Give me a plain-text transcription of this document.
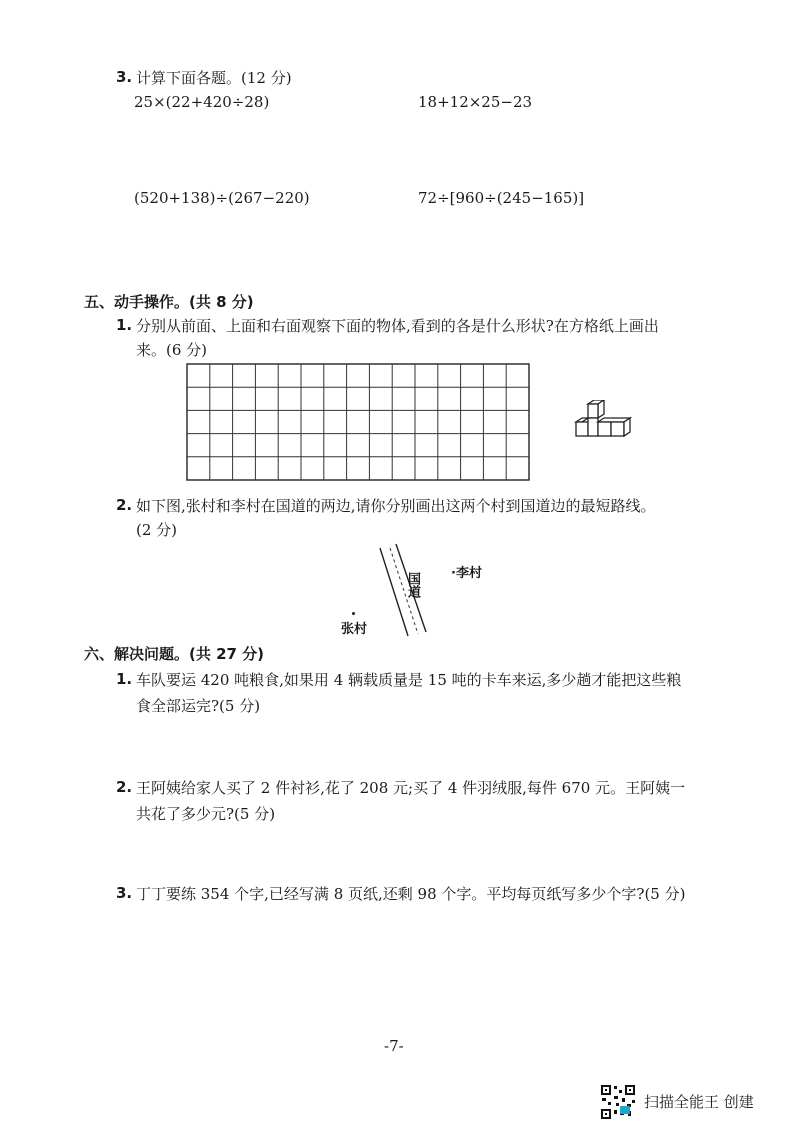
3. 计算下面各题。(12 分)
25×(22+420÷28)	18+12×25−23
(520+138)÷(267−220)	72÷[960÷(245−165)]
五、动手操作。(共 8 分)
1. 分别从前面、上面和右面观察下面的物体,看到的各是什么形状?在方格纸上画出
来。(6 分)
2. 如下图,张村和李村在国道的两边,请你分别画出这两个村到国道边的最短路线。
(2 分)
国道 ·李村
张村
六、解决问题。(共 27 分)
1. 车队要运 420 吨粮食,如果用 4 辆载质量是 15 吨的卡车来运,多少趟才能把这些粮
食全部运完?(5 分)
2. 王阿姨给家人买了 2 件衬衫,花了 208 元;买了 4 件羽绒服,每件 670 元。王阿姨一
共花了多少元?(5 分)
3. 丁丁要练 354 个字,已经写满 8 页纸,还剩 98 个字。平均每页纸写多少个字?(5 分)
-7-
扫描全能王 创建
